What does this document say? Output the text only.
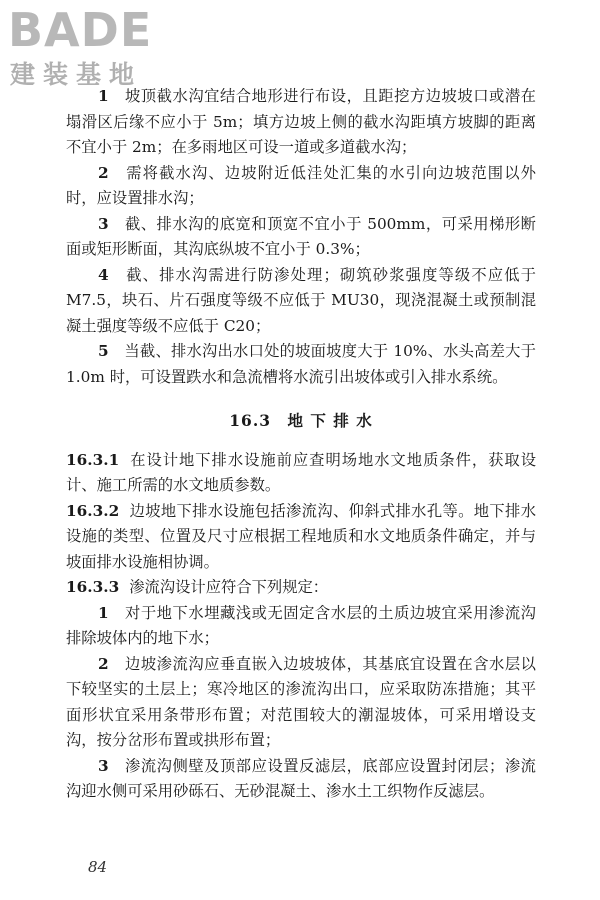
BADE
建装基地

1　 坡顶截水沟宜结合地形进行布设，且距挖方边坡坡口或潜在塌滑区后缘不应小于 5m；填方边坡上侧的截水沟距填方坡脚的距离不宜小于 2m；在多雨地区可设一道或多道截水沟；

2　 需将截水沟、边坡附近低洼处汇集的水引向边坡范围以外时，应设置排水沟；

3　 截、排水沟的底宽和顶宽不宜小于 500mm，可采用梯形断面或矩形断面，其沟底纵坡不宜小于 0.3%；

4　 截、排水沟需进行防渗处理；砌筑砂浆强度等级不应低于 M7.5，块石、片石强度等级不应低于 MU30，现浇混凝土或预制混凝土强度等级不应低于 C20；

5　 当截、排水沟出水口处的坡面坡度大于 10%、水头高差大于 1.0m 时，可设置跌水和急流槽将水流引出坡体或引入排水系统。

16.3　地 下 排 水

16.3.1 在设计地下排水设施前应查明场地水文地质条件，获取设计、施工所需的水文地质参数。

16.3.2 边坡地下排水设施包括渗流沟、仰斜式排水孔等。地下排水设施的类型、位置及尺寸应根据工程地质和水文地质条件确定，并与坡面排水设施相协调。

16.3.3 渗流沟设计应符合下列规定：

1　 对于地下水埋藏浅或无固定含水层的土质边坡宜采用渗流沟排除坡体内的地下水；

2　 边坡渗流沟应垂直嵌入边坡坡体，其基底宜设置在含水层以下较坚实的土层上；寒冷地区的渗流沟出口，应采取防冻措施；其平面形状宜采用条带形布置；对范围较大的潮湿坡体，可采用增设支沟，按分岔形布置或拱形布置；

3　 渗流沟侧壁及顶部应设置反滤层，底部应设置封闭层；渗流沟迎水侧可采用砂砾石、无砂混凝土、渗水土工织物作反滤层。

84
